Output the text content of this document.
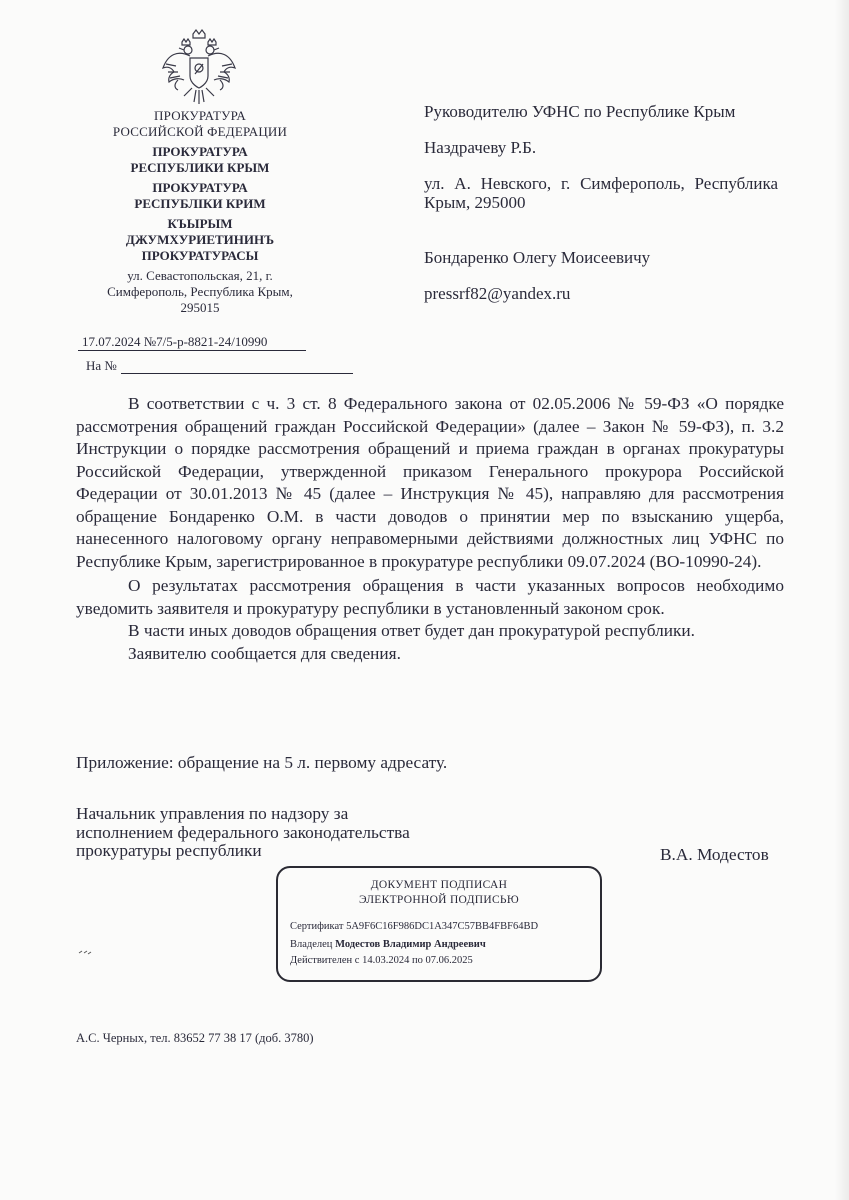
ПРОКУРАТУРА
РОССИЙСКОЙ ФЕДЕРАЦИИ
ПРОКУРАТУРА
РЕСПУБЛИКИ КРЫМ
ПРОКУРАТУРА
РЕСПУБЛIКИ КРИМ
КЪЫРЫМ
ДЖУМХУРИЕТИНИНЪ
ПРОКУРАТУРАСЫ
ул. Севастопольская, 21, г.
Симферополь, Республика Крым,
295015
17.07.2024 №7/5-р-8821-24/10990
На №

Руководителю УФНС по Республике Крым

Наздрачеву Р.Б.

ул. А. Невского, г. Симферополь, Республика Крым, 295000

Бондаренко Олегу Моисеевичу

pressrf82@yandex.ru

В соответствии с ч. 3 ст. 8 Федерального закона от 02.05.2006 № 59-ФЗ «О порядке рассмотрения обращений граждан Российской Федерации» (далее – Закон № 59-ФЗ), п. 3.2 Инструкции о порядке рассмотрения обращений и приема граждан в органах прокуратуры Российской Федерации, утвержденной приказом Генерального прокурора Российской Федерации от 30.01.2013 № 45 (далее – Инструкция № 45), направляю для рассмотрения обращение Бондаренко О.М. в части доводов о принятии мер по взысканию ущерба, нанесенного налоговому органу неправомерными действиями должностных лиц УФНС по Республике Крым, зарегистрированное в прокуратуре республики 09.07.2024 (ВО-10990-24).

О результатах рассмотрения обращения в части указанных вопросов необходимо уведомить заявителя и прокуратуру республики в установленный законом срок.

В части иных доводов обращения ответ будет дан прокуратурой республики.

Заявителю сообщается для сведения.

Приложение: обращение на 5 л. первому адресату.
Начальник управления по надзору за
исполнением федерального законодательства
прокуратуры республики	В.А. Модестов
ДОКУМЕНТ ПОДПИСАН
ЭЛЕКТРОННОЙ ПОДПИСЬЮ
Сертификат 5A9F6C16F986DC1A347C57BB4FBF64BD
Владелец Модестов Владимир Андреевич
Действителен с 14.03.2024 по 07.06.2025
А.С. Черных, тел. 83652 77 38 17 (доб. 3780)
